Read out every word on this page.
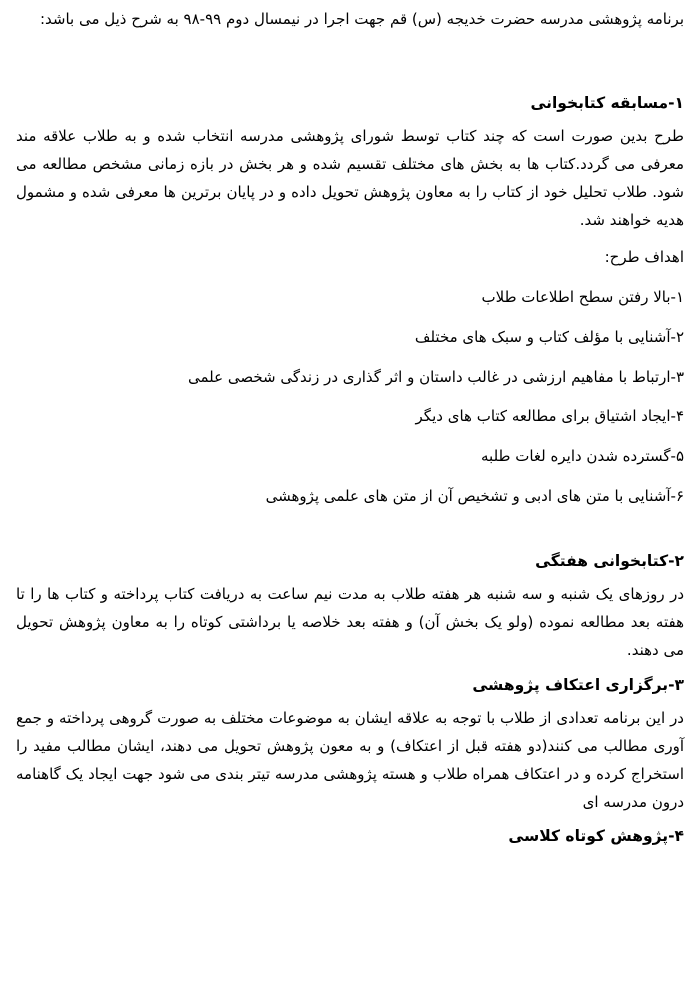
برنامه پژوهشی مدرسه حضرت خدیجه (س) قم جهت اجرا در نیمسال دوم ۹۹-۹۸ به شرح ذیل می باشد:

۱-مسابقه کتابخوانی

طرح بدین صورت است که چند کتاب توسط شورای پژوهشی مدرسه انتخاب شده و به طلاب علاقه مند معرفی می گردد.کتاب ها به بخش های مختلف تقسیم شده و هر بخش در بازه زمانی مشخص مطالعه می شود. طلاب تحلیل خود از کتاب را به معاون پژوهش تحویل داده و در پایان برترین ها معرفی شده و مشمول هدیه خواهند شد.

اهداف طرح:

۱-بالا رفتن سطح اطلاعات طلاب
۲-آشنایی با مؤلف کتاب و سبک های مختلف
۳-ارتباط با مفاهیم ارزشی در غالب داستان و اثر گذاری در زندگی شخصی علمی
۴-ایجاد اشتیاق برای مطالعه کتاب های دیگر
۵-گسترده شدن دایره لغات طلبه
۶-آشنایی با متن های ادبی و تشخیص آن از متن های علمی پژوهشی
۲-کتابخوانی هفتگی

در روزهای یک شنبه و سه شنبه هر هفته طلاب به مدت نیم ساعت به دریافت کتاب پرداخته و کتاب ها را تا هفته بعد مطالعه نموده (ولو یک بخش آن) و هفته بعد خلاصه یا برداشتی کوتاه را به معاون پژوهش تحویل می دهند.

۳-برگزاری اعتکاف پژوهشی

در این برنامه تعدادی از طلاب با توجه به علاقه ایشان به موضوعات مختلف به صورت گروهی پرداخته و جمع آوری مطالب می کنند(دو هفته قبل از اعتکاف) و به معون پژوهش تحویل می دهند، ایشان مطالب مفید را استخراج کرده و در اعتکاف همراه طلاب و هسته پژوهشی مدرسه تیتر بندی می شود جهت ایجاد یک گاهنامه درون مدرسه ای

۴-پژوهش کوتاه کلاسی
